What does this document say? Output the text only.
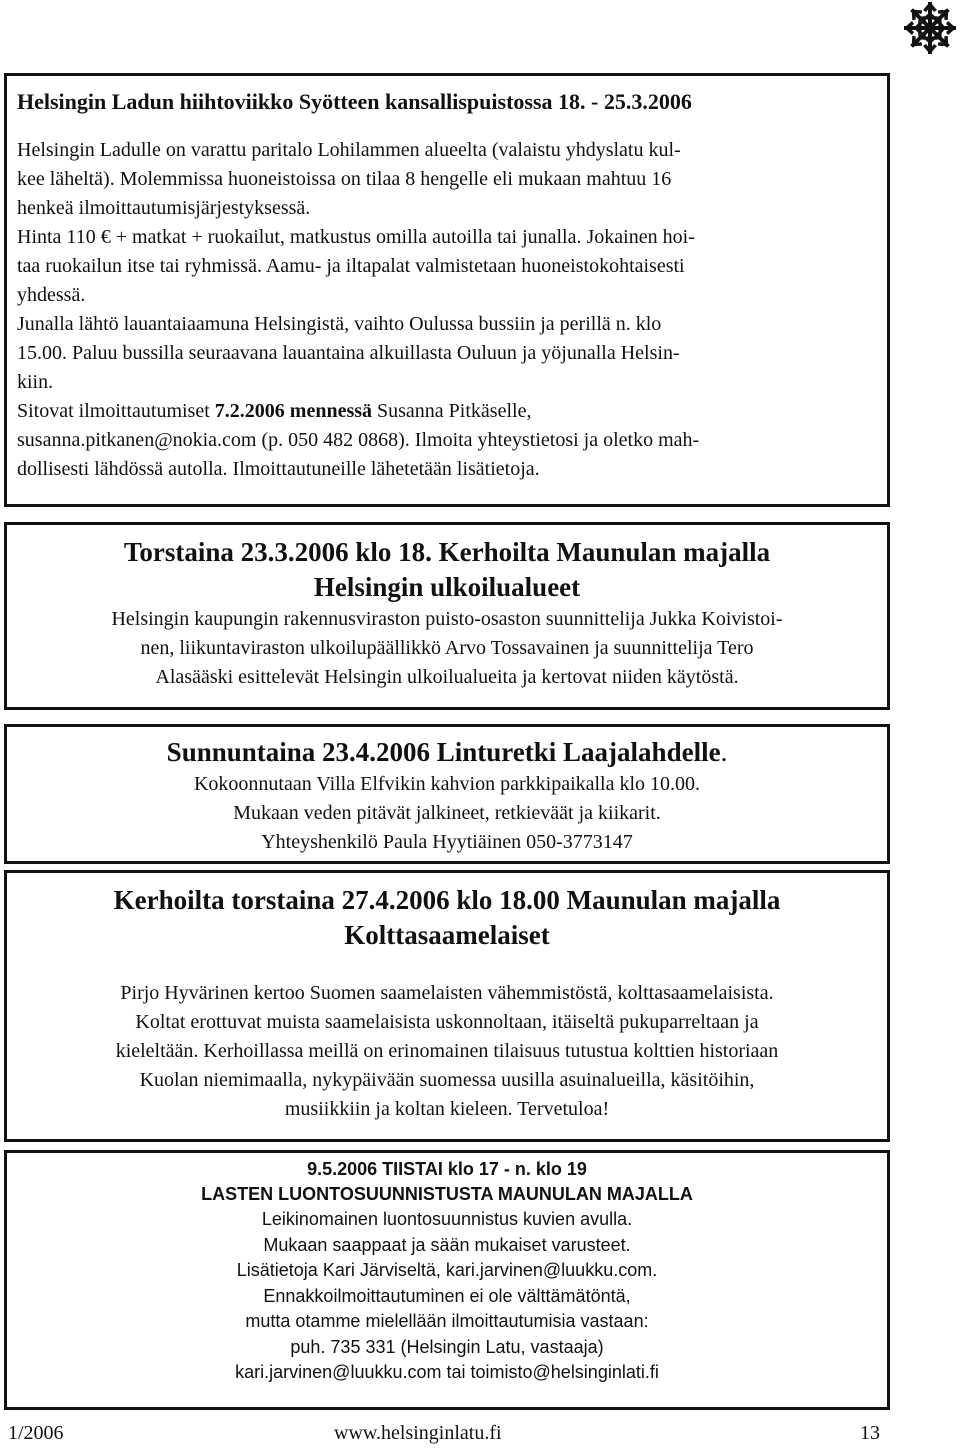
Helsingin Ladun hiihtoviikko Syötteen kansallispuistossa 18. - 25.3.2006
Helsingin Ladulle on varattu paritalo Lohilammen alueelta (valaistu yhdyslatu kul-
kee läheltä). Molemmissa huoneistoissa on tilaa 8 hengelle eli mukaan mahtuu 16
henkeä ilmoittautumisjärjestyksessä.
Hinta 110 € + matkat + ruokailut, matkustus omilla autoilla tai junalla. Jokainen hoi-
taa ruokailun itse tai ryhmissä. Aamu- ja iltapalat valmistetaan huoneistokohtaisesti
yhdessä.
Junalla lähtö lauantaiaamuna Helsingistä, vaihto Oulussa bussiin ja perillä n. klo
15.00. Paluu bussilla seuraavana lauantaina alkuillasta Ouluun ja yöjunalla Helsin-
kiin.
Sitovat ilmoittautumiset 7.2.2006 mennessä Susanna Pitkäselle,
susanna.pitkanen@nokia.com (p. 050 482 0868). Ilmoita yhteystietosi ja oletko mah-
dollisesti lähdössä autolla. Ilmoittautuneille lähetetään lisätietoja.
Torstaina 23.3.2006 klo 18. Kerhoilta Maunulan majalla
Helsingin ulkoilualueet
Helsingin kaupungin rakennusviraston puisto-osaston suunnittelija Jukka Koivistoi-
nen, liikuntaviraston ulkoilupäällikkö Arvo Tossavainen ja suunnittelija Tero
Alasääski esittelevät Helsingin ulkoilualueita ja kertovat niiden käytöstä.
Sunnuntaina 23.4.2006 Linturetki Laajalahdelle.
Kokoonnutaan Villa Elfvikin kahvion parkkipaikalla klo 10.00.
Mukaan veden pitävät jalkineet, retkieväät ja kiikarit.
Yhteyshenkilö Paula Hyytiäinen 050-3773147
Kerhoilta torstaina 27.4.2006 klo 18.00 Maunulan majalla
Kolttasaamelaiset
Pirjo Hyvärinen kertoo Suomen saamelaisten vähemmistöstä, kolttasaamelaisista.
Koltat erottuvat muista saamelaisista uskonnoltaan, itäiseltä pukuparreltaan ja
kieleltään. Kerhoillassa meillä on erinomainen tilaisuus tutustua kolttien historiaan
Kuolan niemimaalla, nykypäivään suomessa uusilla asuinalueilla, käsitöihin,
musiikkiin ja koltan kieleen. Tervetuloa!
9.5.2006 TIISTAI klo 17 - n. klo 19
LASTEN LUONTOSUUNNISTUSTA MAUNULAN MAJALLA
Leikinomainen luontosuunnistus kuvien avulla.
Mukaan saappaat ja sään mukaiset varusteet.
Lisätietoja Kari Järviseltä, kari.jarvinen@luukku.com.
Ennakkoilmoittautuminen ei ole välttämätöntä,
mutta otamme mielellään ilmoittautumisia vastaan:
puh. 735 331 (Helsingin Latu, vastaaja)
kari.jarvinen@luukku.com tai toimisto@helsinginlati.fi
1/2006	www.helsinginlatu.fi	13
